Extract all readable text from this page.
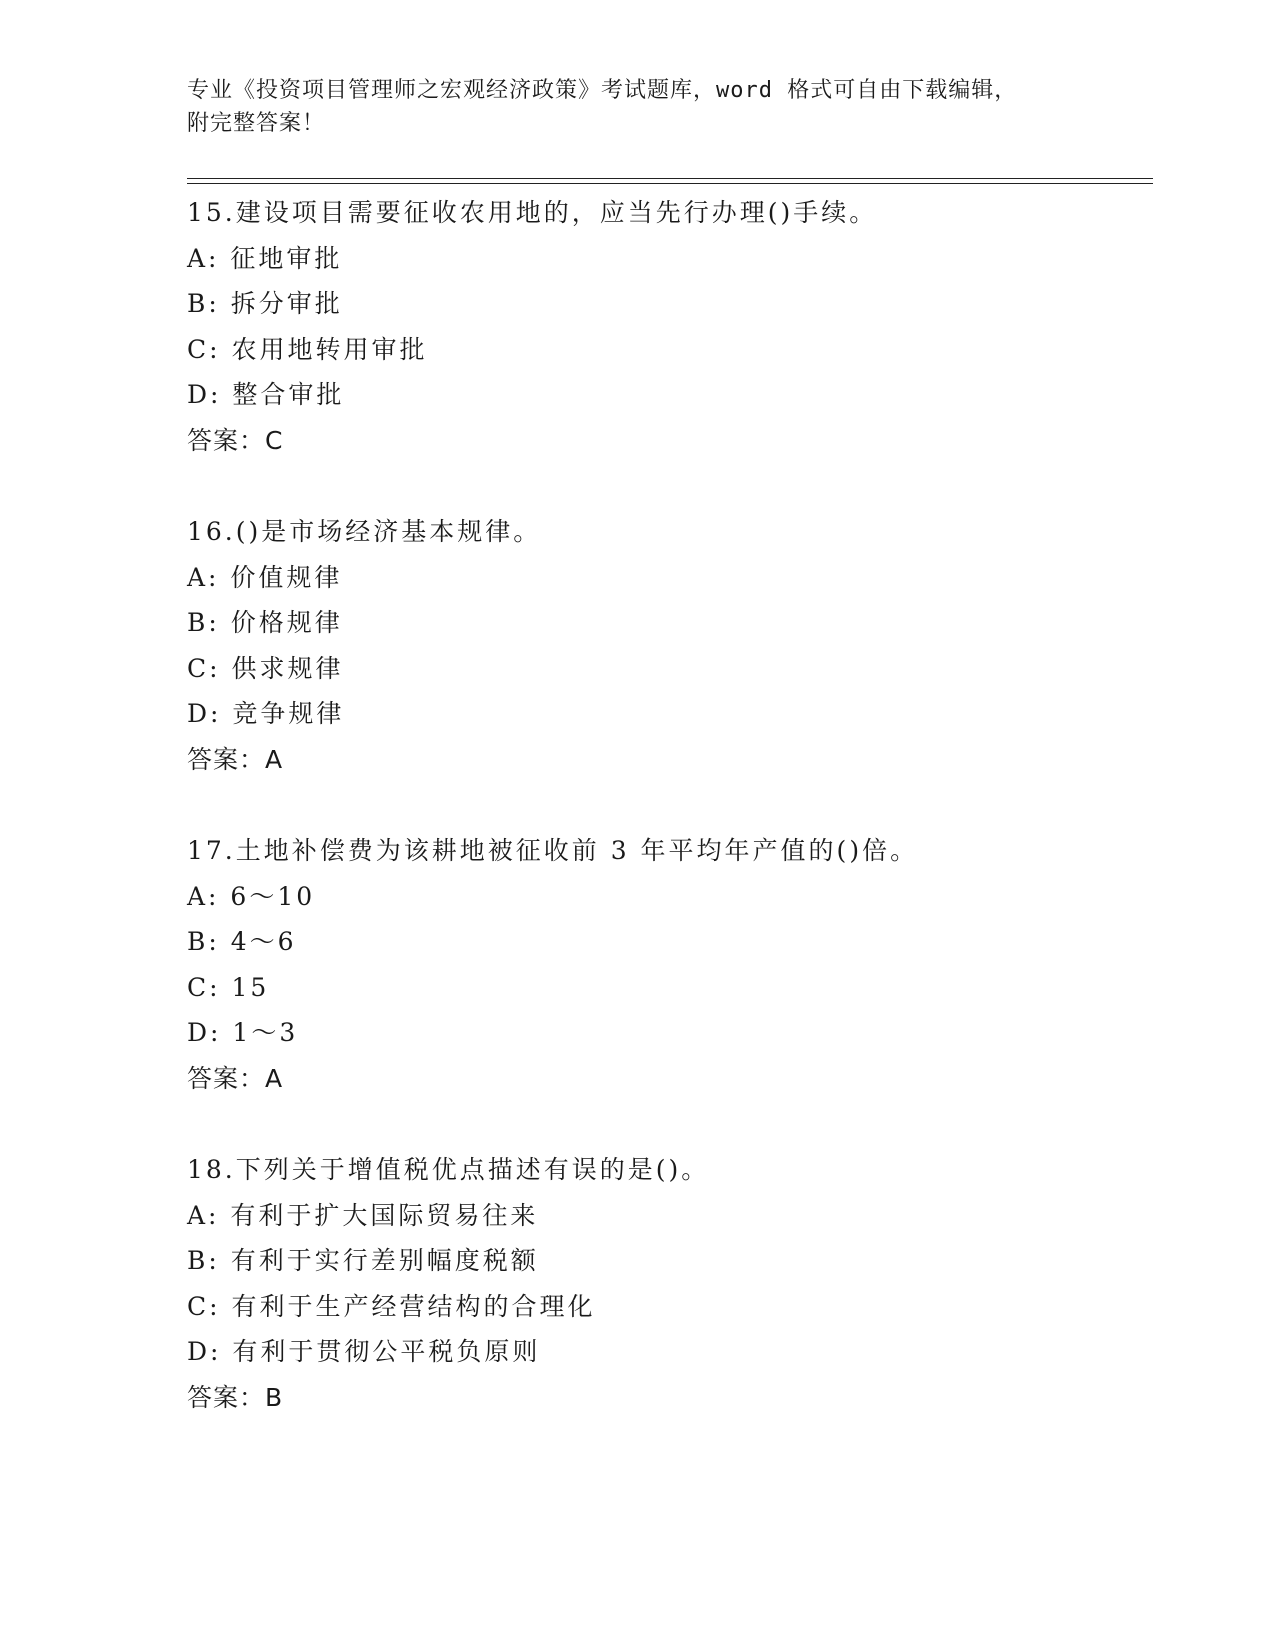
专业《投资项目管理师之宏观经济政策》考试题库，word 格式可自由下载编辑，
附完整答案！
15.建设项目需要征收农用地的，应当先行办理()手续。
A: 征地审批
B: 拆分审批
C: 农用地转用审批
D: 整合审批
答案：C
16.()是市场经济基本规律。
A: 价值规律
B: 价格规律
C: 供求规律
D: 竞争规律
答案：A
17.土地补偿费为该耕地被征收前 3 年平均年产值的()倍。
A: 6～10
B: 4～6
C: 15
D: 1～3
答案：A
18.下列关于增值税优点描述有误的是()。
A: 有利于扩大国际贸易往来
B: 有利于实行差别幅度税额
C: 有利于生产经营结构的合理化
D: 有利于贯彻公平税负原则
答案：B
